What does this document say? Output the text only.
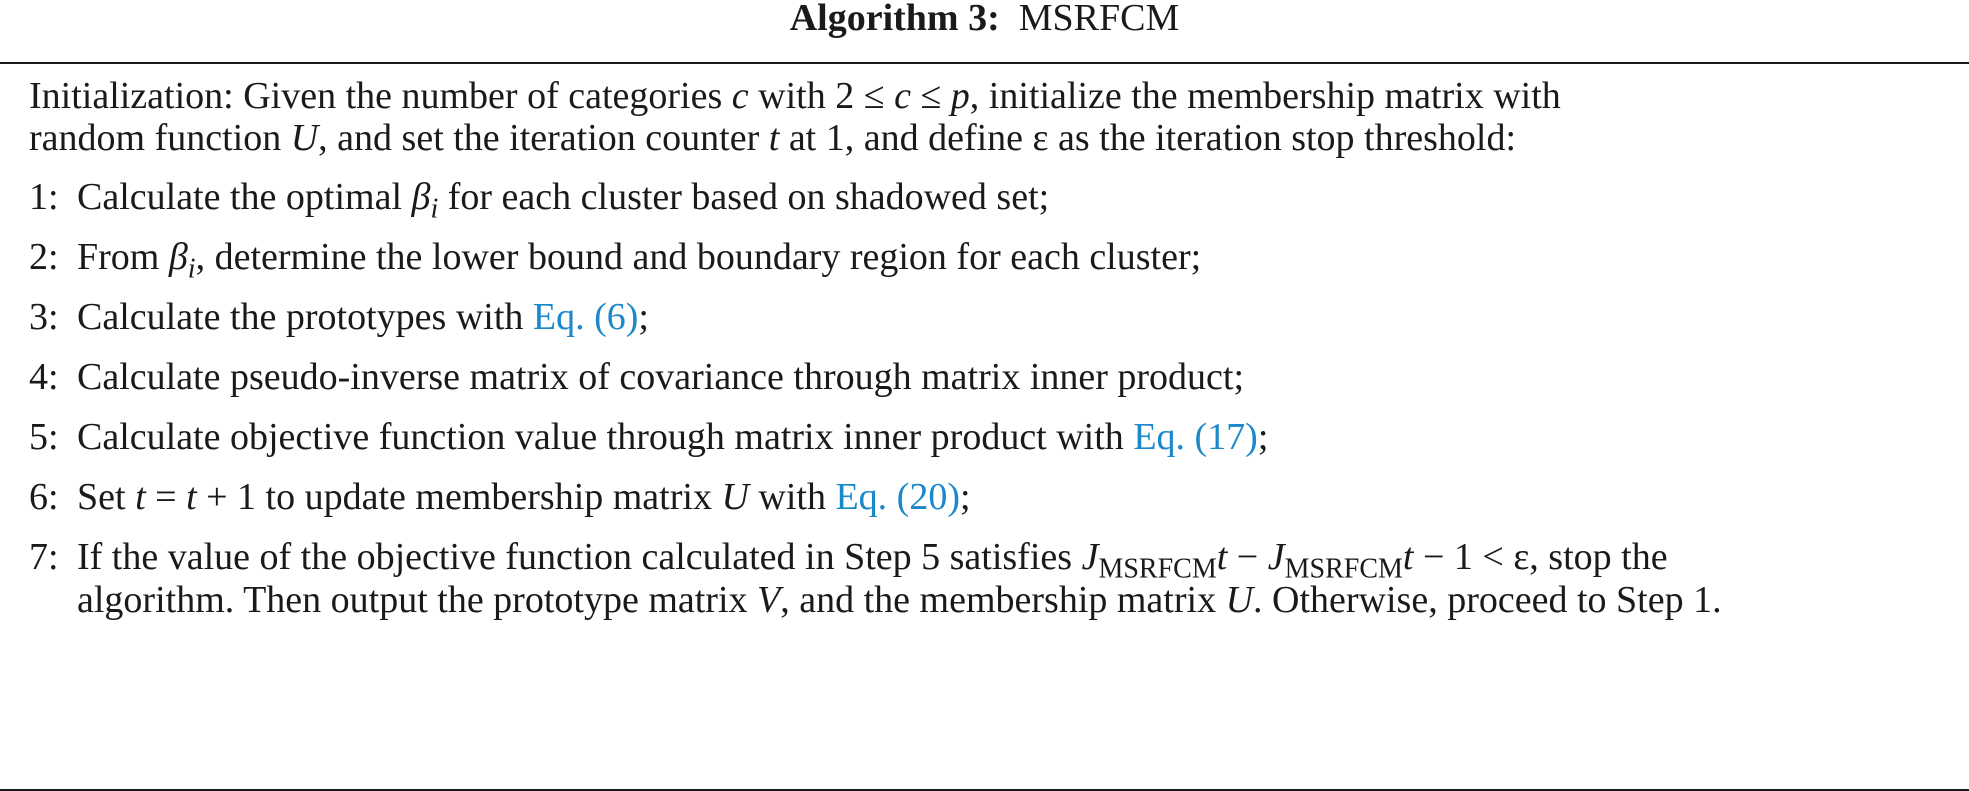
Algorithm 3: MSRFCM
Initialization: Given the number of categories c with 2 ≤ c ≤ p, initialize the membership matrix with
random function U, and set the iteration counter t at 1, and define ε as the iteration stop threshold:
1: Calculate the optimal $\beta_i$ for each cluster based on shadowed set;
2: From $\beta_i$, determine the lower bound and boundary region for each cluster;
3: Calculate the prototypes with Eq. (6);
4: Calculate pseudo-inverse matrix of covariance through matrix inner product;
5: Calculate objective function value through matrix inner product with Eq. (17);
6: Set t = t + 1 to update membership matrix U with Eq. (20);
7: If the value of the objective function calculated in Step 5 satisfies $J_{MSRFCM}t - J_{MSRFCM}t - 1 < \varepsilon$, stop the
algorithm. Then output the prototype matrix V, and the membership matrix U. Otherwise, proceed to Step 1.
